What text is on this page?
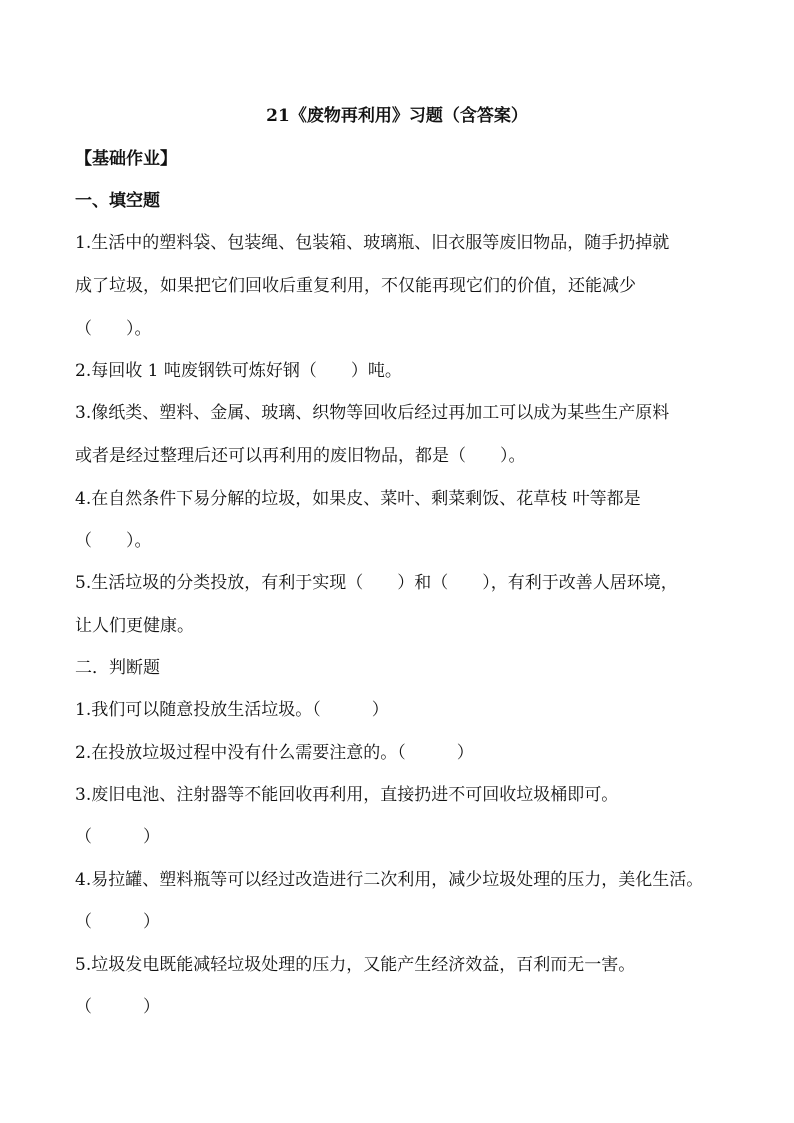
21《废物再利用》习题（含答案）
【基础作业】
一、填空题
1.生活中的塑料袋、包装绳、包装箱、玻璃瓶、旧衣服等废旧物品，随手扔掉就
成了垃圾，如果把它们回收后重复利用，不仅能再现它们的价值，还能减少
（　　）。
2.每回收 1 吨废钢铁可炼好钢（　　）吨。
3.像纸类、塑料、金属、玻璃、织物等回收后经过再加工可以成为某些生产原料
或者是经过整理后还可以再利用的废旧物品，都是（　　）。
4.在自然条件下易分解的垃圾，如果皮、菜叶、剩菜剩饭、花草枝 叶等都是
（　　）。
5.生活垃圾的分类投放，有利于实现（　　）和（　　），有利于改善人居环境，
让人们更健康。
二．判断题
1.我们可以随意投放生活垃圾。（　　　）
2.在投放垃圾过程中没有什么需要注意的。（　　　）
3.废旧电池、注射器等不能回收再利用，直接扔进不可回收垃圾桶即可。
（　　　）
4.易拉罐、塑料瓶等可以经过改造进行二次利用，减少垃圾处理的压力，美化生活。
（　　　）
5.垃圾发电既能减轻垃圾处理的压力，又能产生经济效益，百利而无一害。
（　　　）
